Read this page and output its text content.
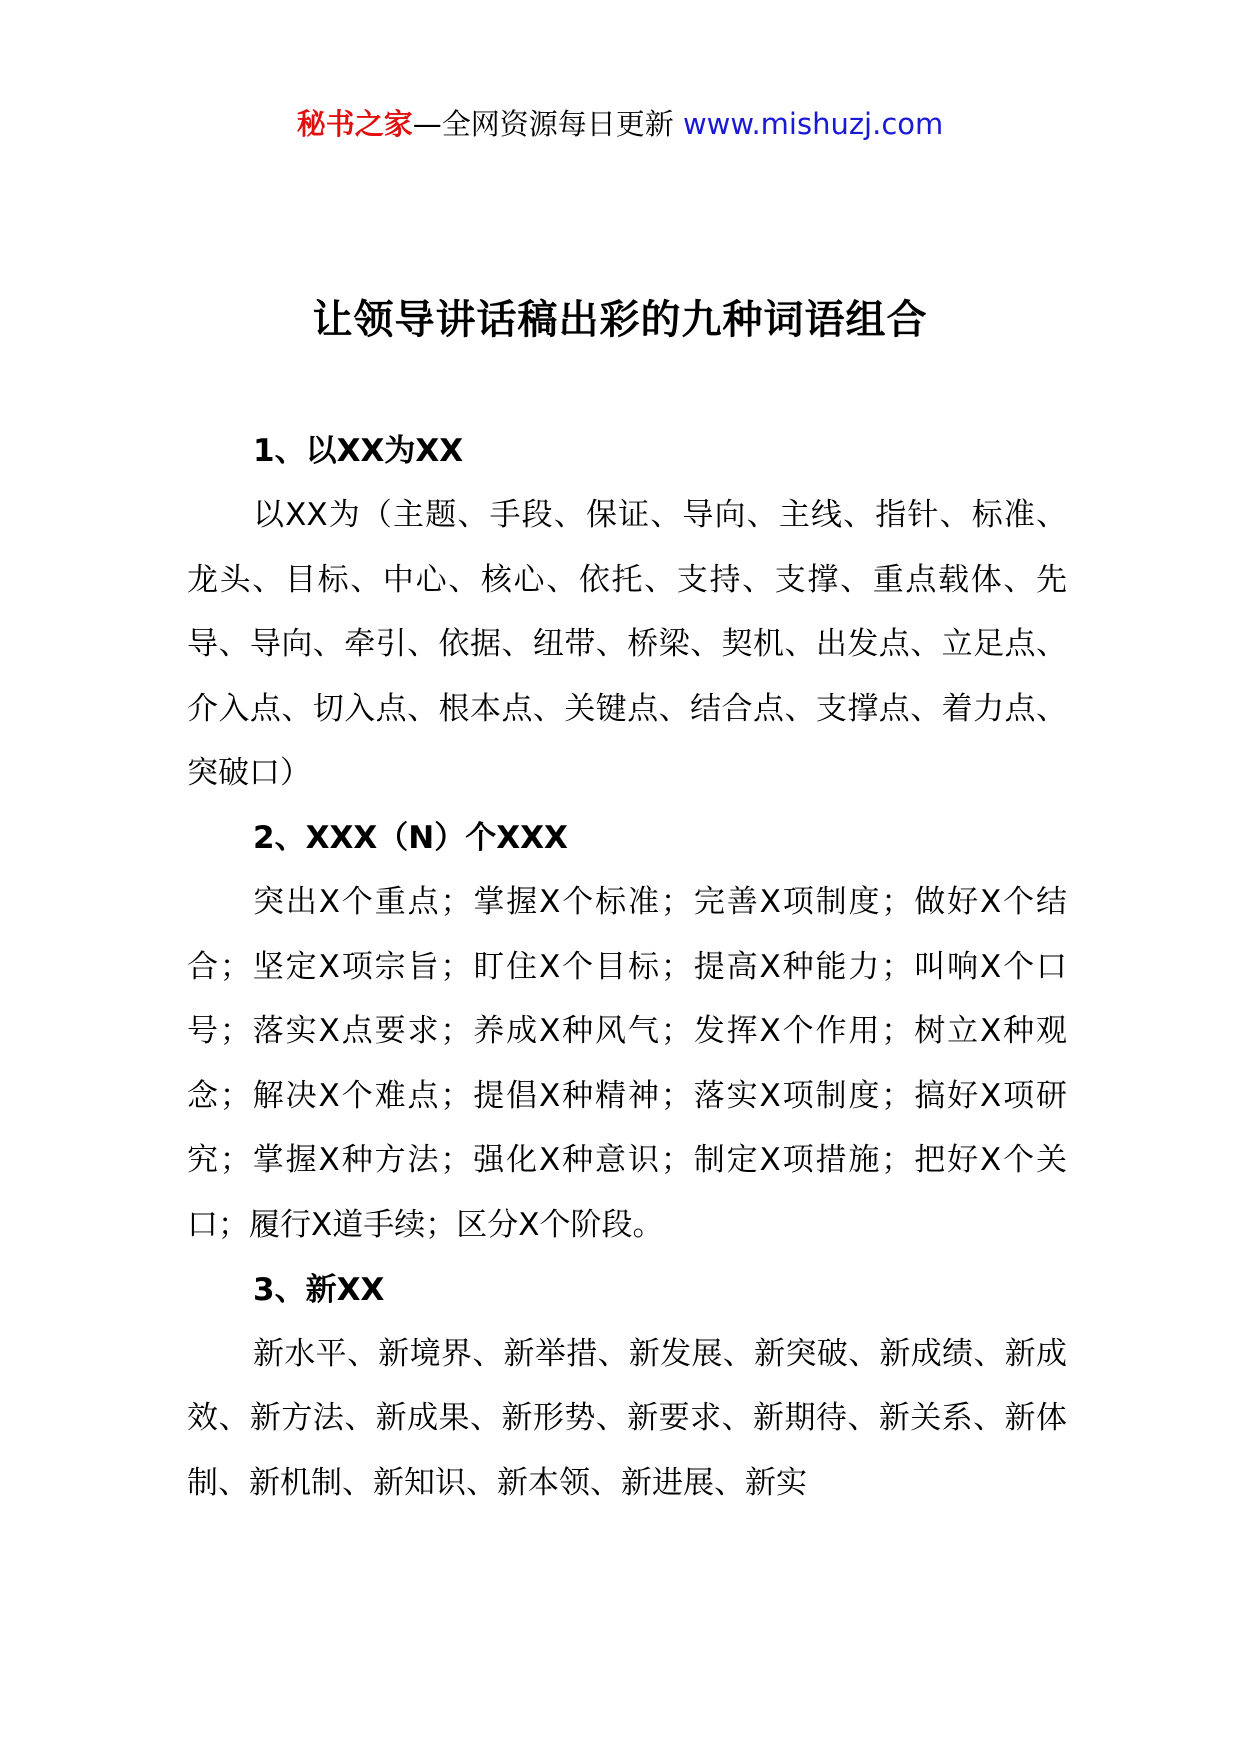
秘书之家—全网资源每日更新 www.mishuzj.com
让领导讲话稿出彩的九种词语组合
1、以XX为XX

以XX为（主题、手段、保证、导向、主线、指针、标准、龙头、目标、中心、核心、依托、支持、支撑、重点载体、先导、导向、牵引、依据、纽带、桥梁、契机、出发点、立足点、介入点、切入点、根本点、关键点、结合点、支撑点、着力点、突破口）

2、XXX（N）个XXX

突出X个重点；掌握X个标准；完善X项制度；做好X个结合；坚定X项宗旨；盯住X个目标；提高X种能力；叫响X个口号；落实X点要求；养成X种风气；发挥X个作用；树立X种观念；解决X个难点；提倡X种精神；落实X项制度；搞好X项研究；掌握X种方法；强化X种意识；制定X项措施；把好X个关口；履行X道手续；区分X个阶段。

3、新XX

新水平、新境界、新举措、新发展、新突破、新成绩、新成效、新方法、新成果、新形势、新要求、新期待、新关系、新体制、新机制、新知识、新本领、新进展、新实
